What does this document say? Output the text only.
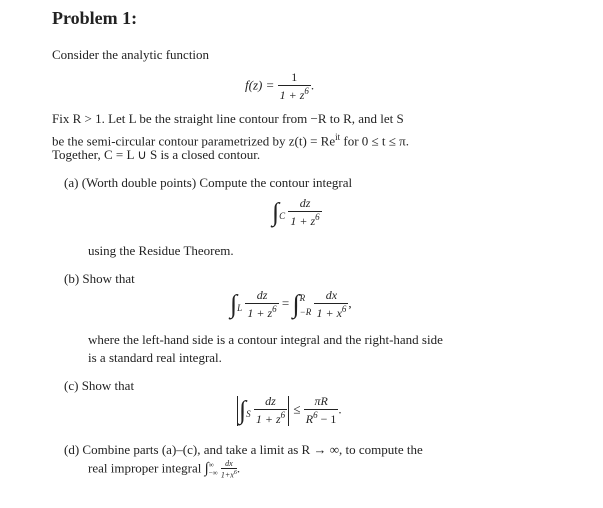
Problem 1:
Consider the analytic function
$f(z) = \frac{1}{1 + z^6}$ .
Fix R > 1. Let L be the straight line contour from −R to R, and let S
be the semi-circular contour parametrized by $z(t) = Re^{it}$ for 0 ≤ t ≤ π.
Together, C = L ∪ S is a closed contour.
(a) (Worth double points) Compute the contour integral
$\int_C \frac{dz}{1 + z^6}$
using the Residue Theorem.
(b) Show that
$\int_L \frac{dz}{1 + z^6}$ = ∫ R
−R
$\frac{dx}{1 + x^6}$ ,
where the left-hand side is a contour integral and the right-hand side
is a standard real integral.
(c) Show that
$\int_S \frac{dz}{1 + z^6} \le \frac{\pi R}{R^6 - 1}$ .
(d) Combine parts (a)–(c), and take a limit as R → ∞, to compute the
real improper integral ∫ ∞
−∞
$\frac{dx}{1+x^6}$ .
